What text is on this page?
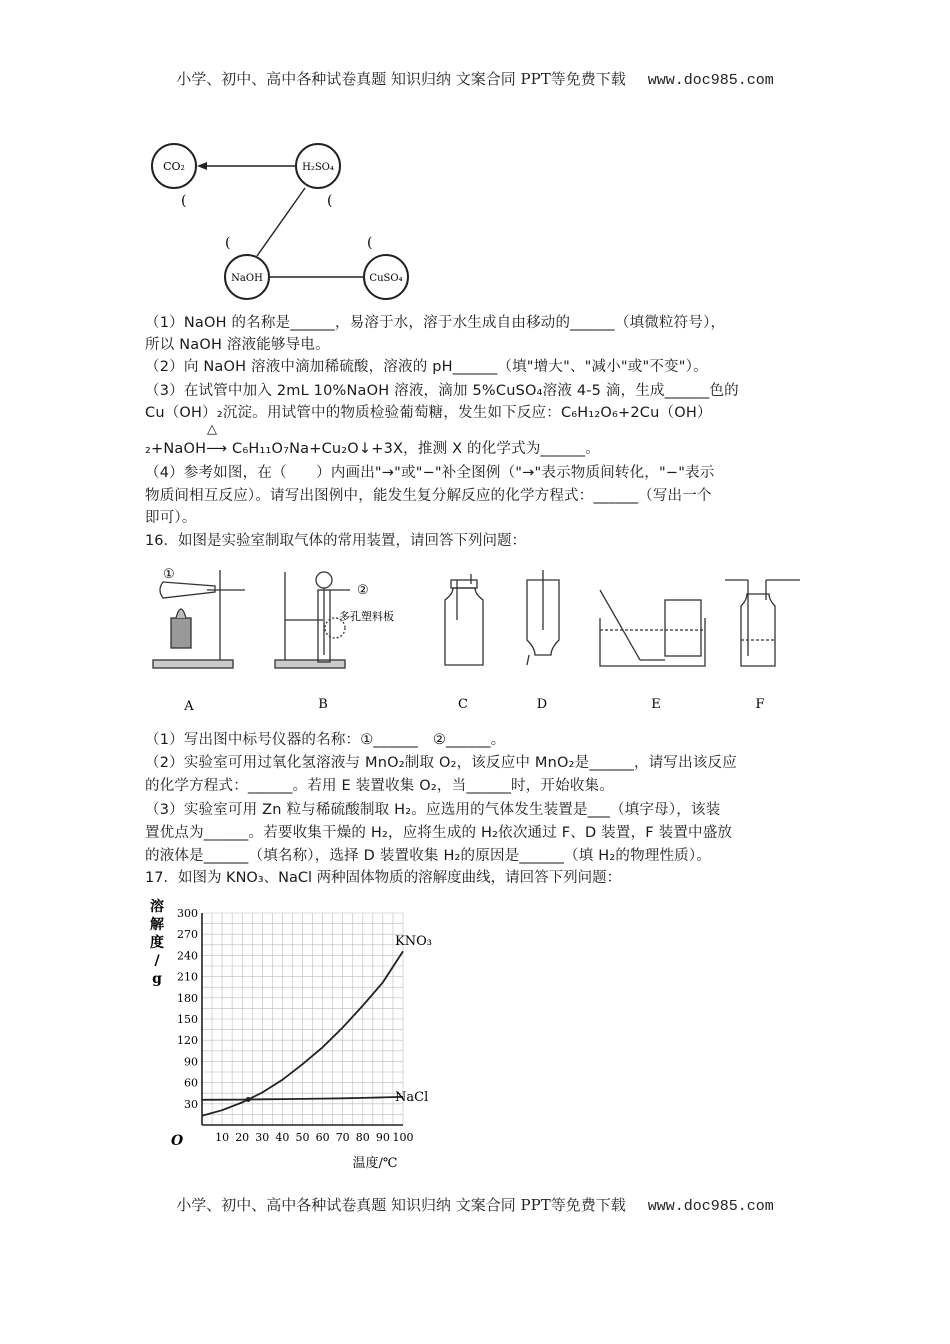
小学、初中、高中各种试卷真题 知识归纳 文案合同 PPT等免费下载 www.doc985.com
CO₂	H₂SO₄
NaOH	CuSO₄
(	(
(	(
（1）NaOH 的名称是______，易溶于水，溶于水生成自由移动的______（填微粒符号），
所以 NaOH 溶液能够导电。
（2）向 NaOH 溶液中滴加稀硫酸，溶液的 pH______（填"增大"、"减小"或"不变"）。
（3）在试管中加入 2mL 10%NaOH 溶液，滴加 5%CuSO₄溶液 4-5 滴，生成______色的
Cu（OH）₂沉淀。用试管中的物质检验葡萄糖，发生如下反应：C₆H₁₂O₆+2Cu（OH）
△
₂+NaOH⟶ C₆H₁₁O₇Na+Cu₂O↓+3X，推测 X 的化学式为______。
（4）参考如图，在（　　）内画出"→"或"−"补全图例（"→"表示物质间转化，"−"表示
物质间相互反应）。请写出图例中，能发生复分解反应的化学方程式：______（写出一个
即可）。
16．如图是实验室制取气体的常用装置，请回答下列问题：
①
②
多孔塑料板
A	B	C	D	E	F
（1）写出图中标号仪器的名称：①______　②______。
（2）实验室可用过氧化氢溶液与 MnO₂制取 O₂，该反应中 MnO₂是______，请写出该反应
的化学方程式：______。若用 E 装置收集 O₂，当______时，开始收集。
（3）实验室可用 Zn 粒与稀硫酸制取 H₂。应选用的气体发生装置是___（填字母），该装
置优点为______。若要收集干燥的 H₂，应将生成的 H₂依次通过 F、D 装置，F 装置中盛放
的液体是______（填名称），选择 D 装置收集 H₂的原因是______（填 H₂的物理性质）。
17．如图为 KNO₃、NaCl 两种固体物质的溶解度曲线，请回答下列问题：
10 20 30 40 50 60 70 80 90 100
30
60
90
120
150
180
210
240
270
300
KNO₃
NaCl
溶
解
度
/
g
温度/℃
O
小学、初中、高中各种试卷真题 知识归纳 文案合同 PPT等免费下载 www.doc985.com
